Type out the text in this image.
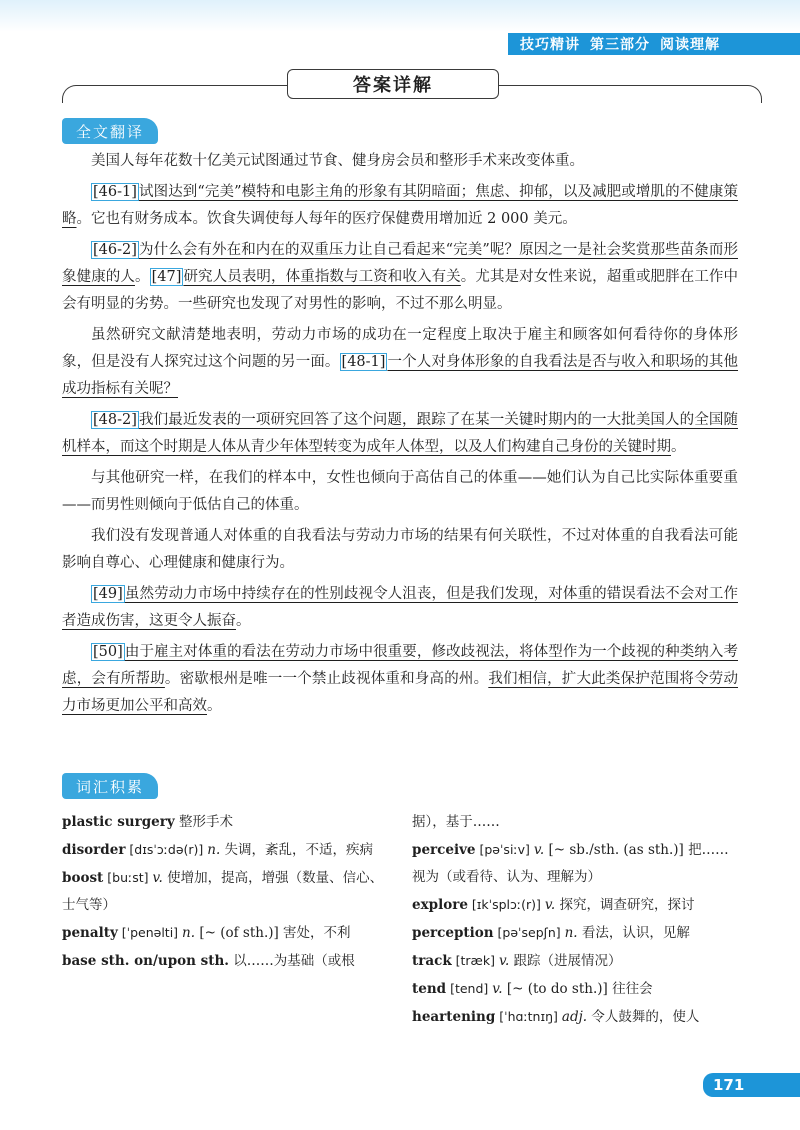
技巧精讲 第三部分 阅读理解
答案详解
全文翻译

美国人每年花数十亿美元试图通过节食、健身房会员和整形手术来改变体重。

[46-1] 试图达到“完美”模特和电影主角的形象有其阴暗面；焦虑、抑郁，以及减肥或增肌的不健康策略。它也有财务成本。饮食失调使每人每年的医疗保健费用增加近 2 000 美元。

[46-2] 为什么会有外在和内在的双重压力让自己看起来“完美”呢？原因之一是社会奖赏那些苗条而形象健康的人。 [47] 研究人员表明，体重指数与工资和收入有关。尤其是对女性来说，超重或肥胖在工作中会有明显的劣势。一些研究也发现了对男性的影响，不过不那么明显。

虽然研究文献清楚地表明，劳动力市场的成功在一定程度上取决于雇主和顾客如何看待你的身体形象，但是没有人探究过这个问题的另一面。 [48-1] 一个人对身体形象的自我看法是否与收入和职场的其他成功指标有关呢？

[48-2] 我们最近发表的一项研究回答了这个问题，跟踪了在某一关键时期内的一大批美国人的全国随机样本，而这个时期是人体从青少年体型转变为成年人体型，以及人们构建自己身份的关键时期。

与其他研究一样，在我们的样本中，女性也倾向于高估自己的体重——她们认为自己比实际体重要重——而男性则倾向于低估自己的体重。

我们没有发现普通人对体重的自我看法与劳动力市场的结果有何关联性，不过对体重的自我看法可能影响自尊心、心理健康和健康行为。

[49] 虽然劳动力市场中持续存在的性别歧视令人沮丧，但是我们发现，对体重的错误看法不会对工作者造成伤害，这更令人振奋。

[50] 由于雇主对体重的看法在劳动力市场中很重要，修改歧视法，将体型作为一个歧视的种类纳入考虑，会有所帮助。密歇根州是唯一一个禁止歧视体重和身高的州。我们相信，扩大此类保护范围将令劳动力市场更加公平和高效。

词汇积累

plastic surgery 整形手术

disorder [dɪsˈɔːdə(r)] n. 失调，紊乱，不适，疾病

boost [buːst] v. 使增加，提高，增强（数量、信心、士气等）

penalty [ˈpenəlti] n. [~ (of sth.)] 害处，不利

base sth. on/upon sth. 以……为基础（或根

据），基于……

perceive [pəˈsiːv] v. [~ sb./sth. (as sth.)] 把……视为（或看待、认为、理解为）

explore [ɪkˈsplɔː(r)] v. 探究，调查研究，探讨

perception [pəˈsepʃn] n. 看法，认识，见解

track [træk] v. 跟踪（进展情况）

tend [tend] v. [~ (to do sth.)] 往往会

heartening [ˈhɑːtnɪŋ] adj. 令人鼓舞的，使人

171
